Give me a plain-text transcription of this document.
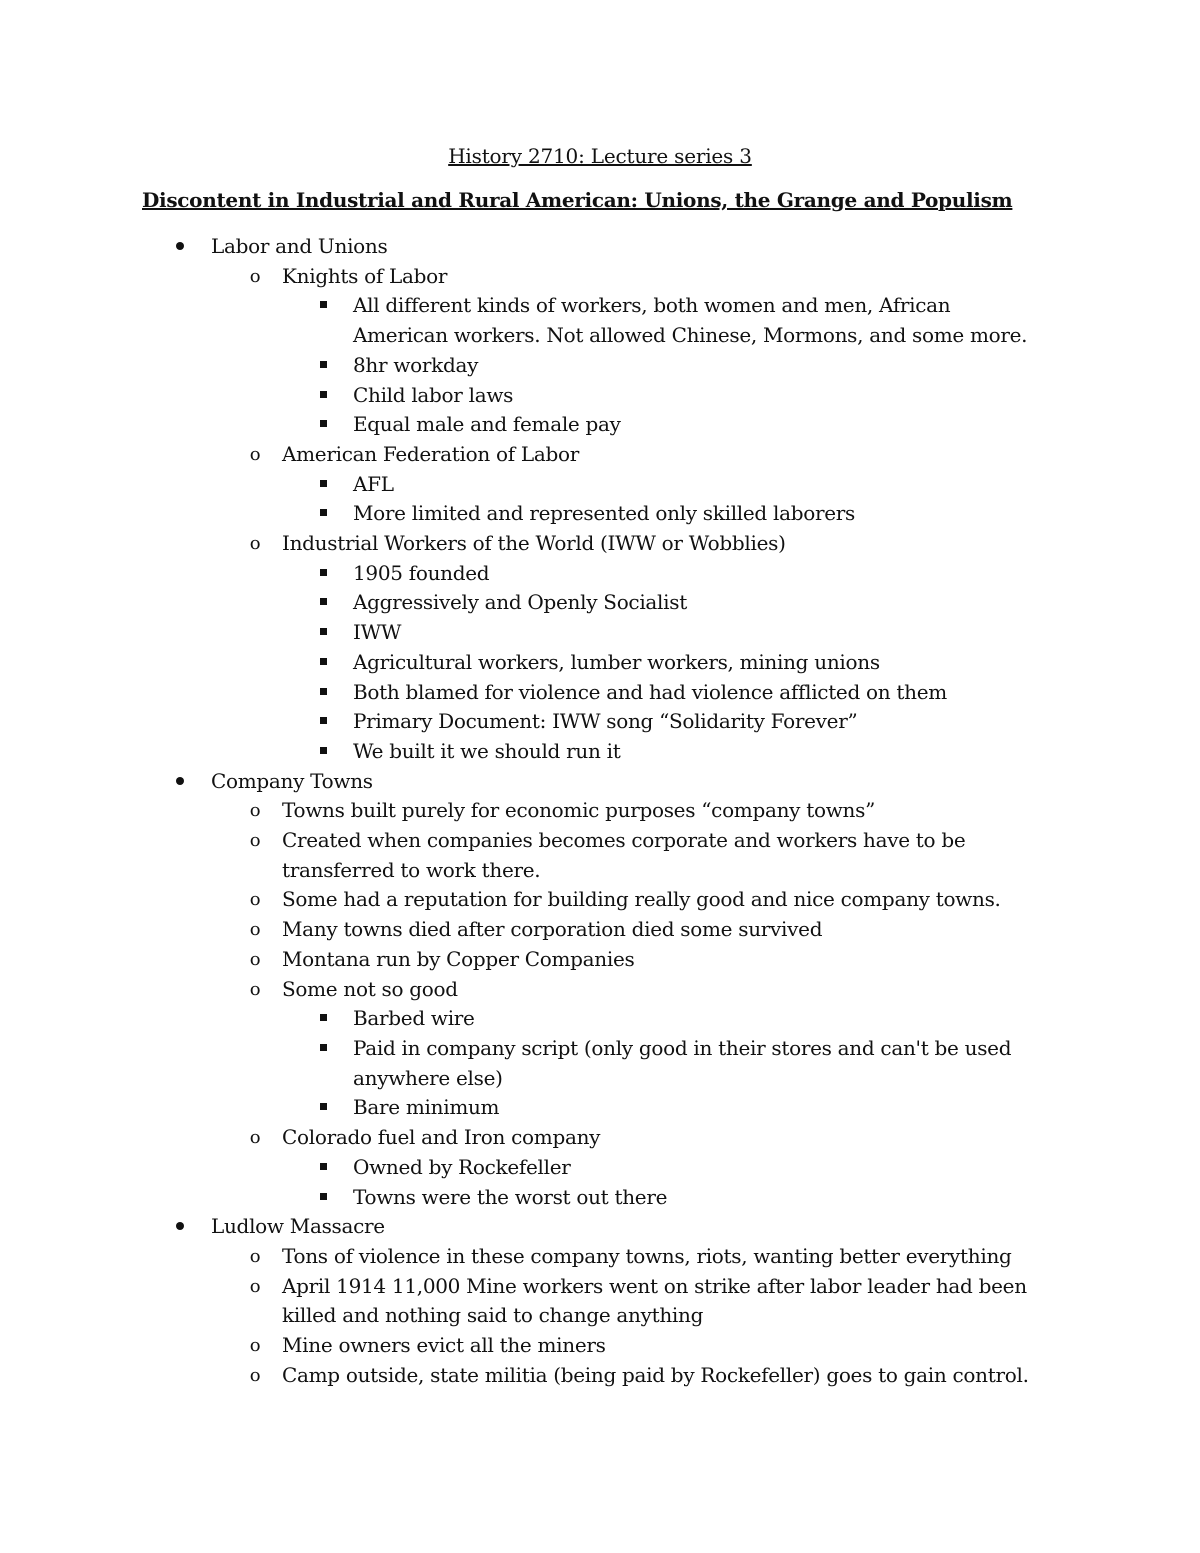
History 2710: Lecture series 3
Discontent in Industrial and Rural American: Unions, the Grange and Populism
Labor and Unions
o Knights of Labor
All different kinds of workers, both women and men, African American workers. Not allowed Chinese, Mormons, and some more.
8hr workday
Child labor laws
Equal male and female pay
o American Federation of Labor
AFL
More limited and represented only skilled laborers
o Industrial Workers of the World (IWW or Wobblies)
1905 founded
Aggressively and Openly Socialist
IWW
Agricultural workers, lumber workers, mining unions
Both blamed for violence and had violence afflicted on them
Primary Document: IWW song “Solidarity Forever”
We built it we should run it
Company Towns
o Towns built purely for economic purposes “company towns”
o Created when companies becomes corporate and workers have to be transferred to work there.
o Some had a reputation for building really good and nice company towns.
o Many towns died after corporation died some survived
o Montana run by Copper Companies
o Some not so good
Barbed wire
Paid in company script (only good in their stores and can't be used anywhere else)
Bare minimum
o Colorado fuel and Iron company
Owned by Rockefeller
Towns were the worst out there
Ludlow Massacre
o Tons of violence in these company towns, riots, wanting better everything
o April 1914 11,000 Mine workers went on strike after labor leader had been killed and nothing said to change anything
o Mine owners evict all the miners
o Camp outside, state militia (being paid by Rockefeller) goes to gain control.
